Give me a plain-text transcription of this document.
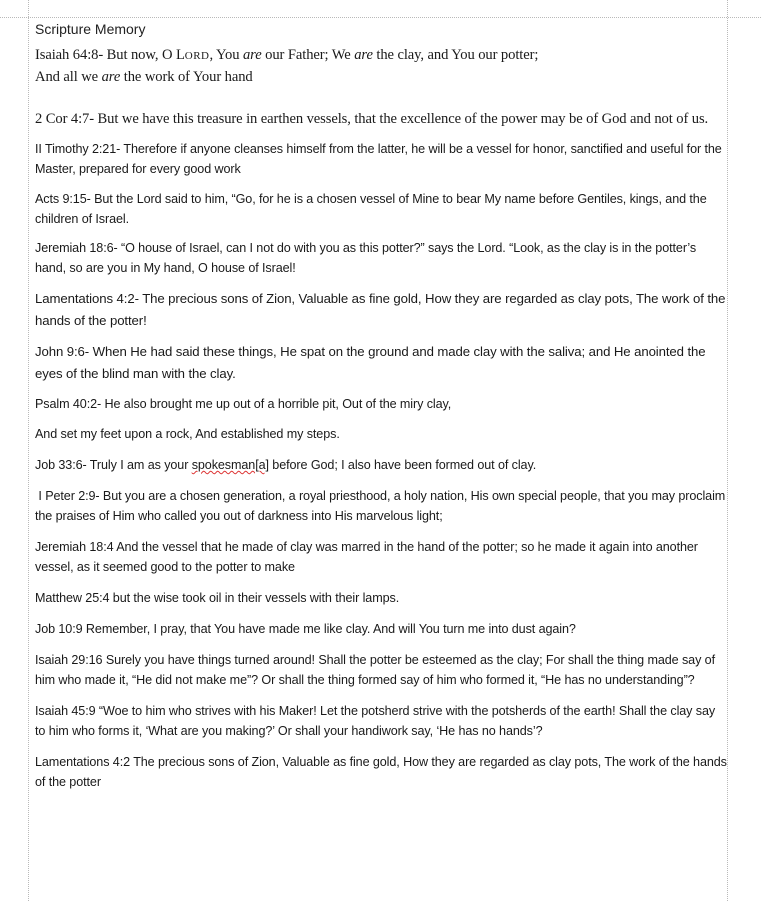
Scripture Memory

Isaiah 64:8- But now, O LORD, You are our Father; We are the clay, and You our potter;
And all we are the work of Your hand

2 Cor 4:7- But we have this treasure in earthen vessels, that the excellence of the power may be of God and not of us.

II Timothy 2:21- Therefore if anyone cleanses himself from the latter, he will be a vessel for honor, sanctified and useful for the Master, prepared for every good work

Acts 9:15- But the Lord said to him, “Go, for he is a chosen vessel of Mine to bear My name before Gentiles, kings, and the children of Israel.

Jeremiah 18:6- “O house of Israel, can I not do with you as this potter?” says the Lord. “Look, as the clay is in the potter’s hand, so are you in My hand, O house of Israel!

Lamentations 4:2- The precious sons of Zion, Valuable as fine gold, How they are regarded as clay pots, The work of the hands of the potter!

John 9:6- When He had said these things, He spat on the ground and made clay with the saliva; and He anointed the eyes of the blind man with the clay.

Psalm 40:2- He also brought me up out of a horrible pit, Out of the miry clay,

And set my feet upon a rock, And established my steps.

Job 33:6- Truly I am as your spokesman[a] before God; I also have been formed out of clay.

I Peter 2:9- But you are a chosen generation, a royal priesthood, a holy nation, His own special people, that you may proclaim the praises of Him who called you out of darkness into His marvelous light;

Jeremiah 18:4 And the vessel that he made of clay was marred in the hand of the potter; so he made it again into another vessel, as it seemed good to the potter to make

Matthew 25:4 but the wise took oil in their vessels with their lamps.

Job 10:9 Remember, I pray, that You have made me like clay. And will You turn me into dust again?

Isaiah 29:16 Surely you have things turned around! Shall the potter be esteemed as the clay; For shall the thing made say of him who made it, “He did not make me”? Or shall the thing formed say of him who formed it, “He has no understanding”?

Isaiah 45:9 “Woe to him who strives with his Maker! Let the potsherd strive with the potsherds of the earth! Shall the clay say to him who forms it, ‘What are you making?’ Or shall your handiwork say, ‘He has no hands’?

Lamentations 4:2 The precious sons of Zion, Valuable as fine gold, How they are regarded as clay pots, The work of the hands of the potter
